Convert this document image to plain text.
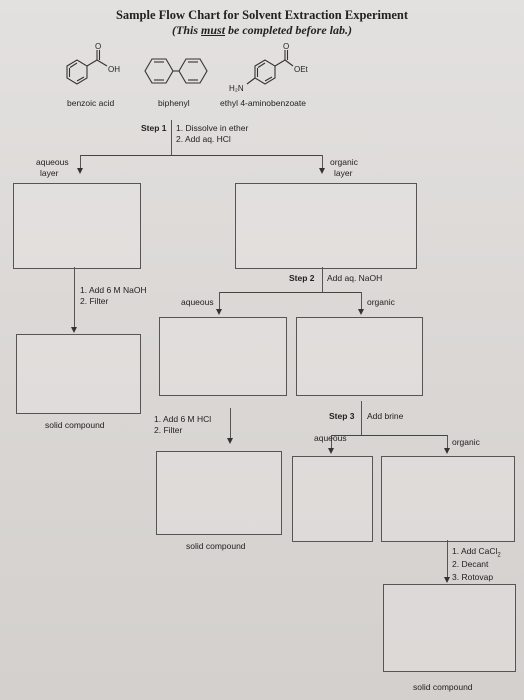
Sample Flow Chart for Solvent Extraction Experiment
(This must be completed before lab.)
O
OH
O
OEt
H₂N
benzoic acid	biphenyl	ethyl 4-aminobenzoate
Step 1 1. Dissolve in ether
2. Add aq. HCl
aqueous
layer
organic
layer
1. Add 6 M NaOH
2. Filter
solid compound
Step 2 Add aq. NaOH
aqueous	organic
1. Add 6 M HCl
2. Filter
solid compound
Step 3 Add brine
aqueous	organic
1. Add CaCl$_2$
2. Decant
3. Rotovap
solid compound
